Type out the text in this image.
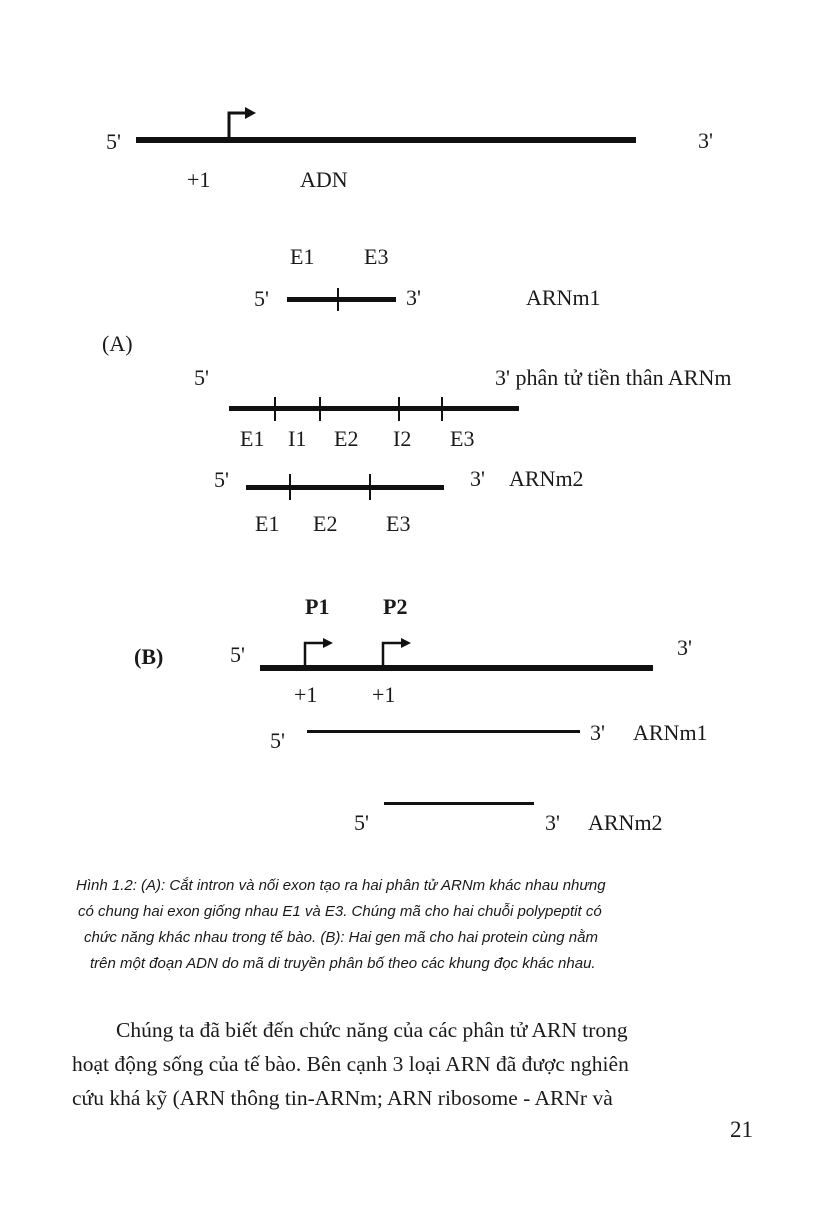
5'	3'
+1	ADN
(A)
E1 E3
5'	3'	ARNm1
5'	3' phân tử tiền thân ARNm
E1 I1 E2 I2 E3
5'	3' ARNm2
E1 E2 E3
P1 P2
(B)	5'	3'
+1 +1
5'	3' ARNm1
5'	3' ARNm2
Hình 1.2: (A): Cắt intron và nối exon tạo ra hai phân tử ARNm khác nhau nhưng
có chung hai exon giống nhau E1 và E3. Chúng mã cho hai chuỗi polypeptit có
chức năng khác nhau trong tế bào. (B): Hai gen mã cho hai protein cùng nằm
trên một đoạn ADN do mã di truyền phân bố theo các khung đọc khác nhau.
Chúng ta đã biết đến chức năng của các phân tử ARN trong
hoạt động sống của tế bào. Bên cạnh 3 loại ARN đã được nghiên
cứu khá kỹ (ARN thông tin-ARNm; ARN ribosome - ARNr và
21
